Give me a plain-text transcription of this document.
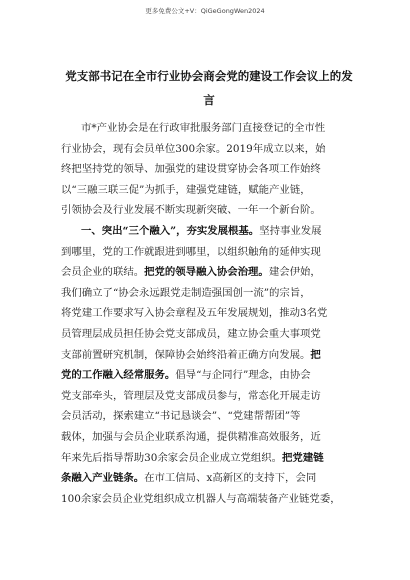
更多免费公文+V：QiGeGongWen2024
党支部书记在全市行业协会商会党的建设工作会议上的发
言
市*产业协会是在行政审批服务部门直接登记的全市性
行业协会，现有会员单位300余家。2019年成立以来，始
终把坚持党的领导、加强党的建设贯穿协会各项工作始终
以“三融三联三促”为抓手，建强党建链，赋能产业链，
引领协会及行业发展不断实现新突破、一年一个新台阶。
一、突出“三个融入”，夯实发展根基。坚持事业发展
到哪里，党的工作就跟进到哪里，以组织触角的延伸实现
会员企业的联结。把党的领导融入协会治理。建会伊始，
我们确立了“协会永远跟党走制造强国创一流”的宗旨，
将党建工作要求写入协会章程及五年发展规划，推动3名党
员管理层成员担任协会党支部成员，建立协会重大事项党
支部前置研究机制，保障协会始终沿着正确方向发展。把
党的工作融入经常服务。倡导“与企同行”理念，由协会
党支部牵头，管理层及党支部成员参与，常态化开展走访
会员活动，探索建立“书记恳谈会”、“党建帮帮团”等
载体，加强与会员企业联系沟通，提供精准高效服务，近
年来先后指导帮助30余家会员企业成立党组织。把党建链
条融入产业链条。在市工信局、x高新区的支持下，会同
100余家会员企业党组织成立机器人与高端装备产业链党委，
